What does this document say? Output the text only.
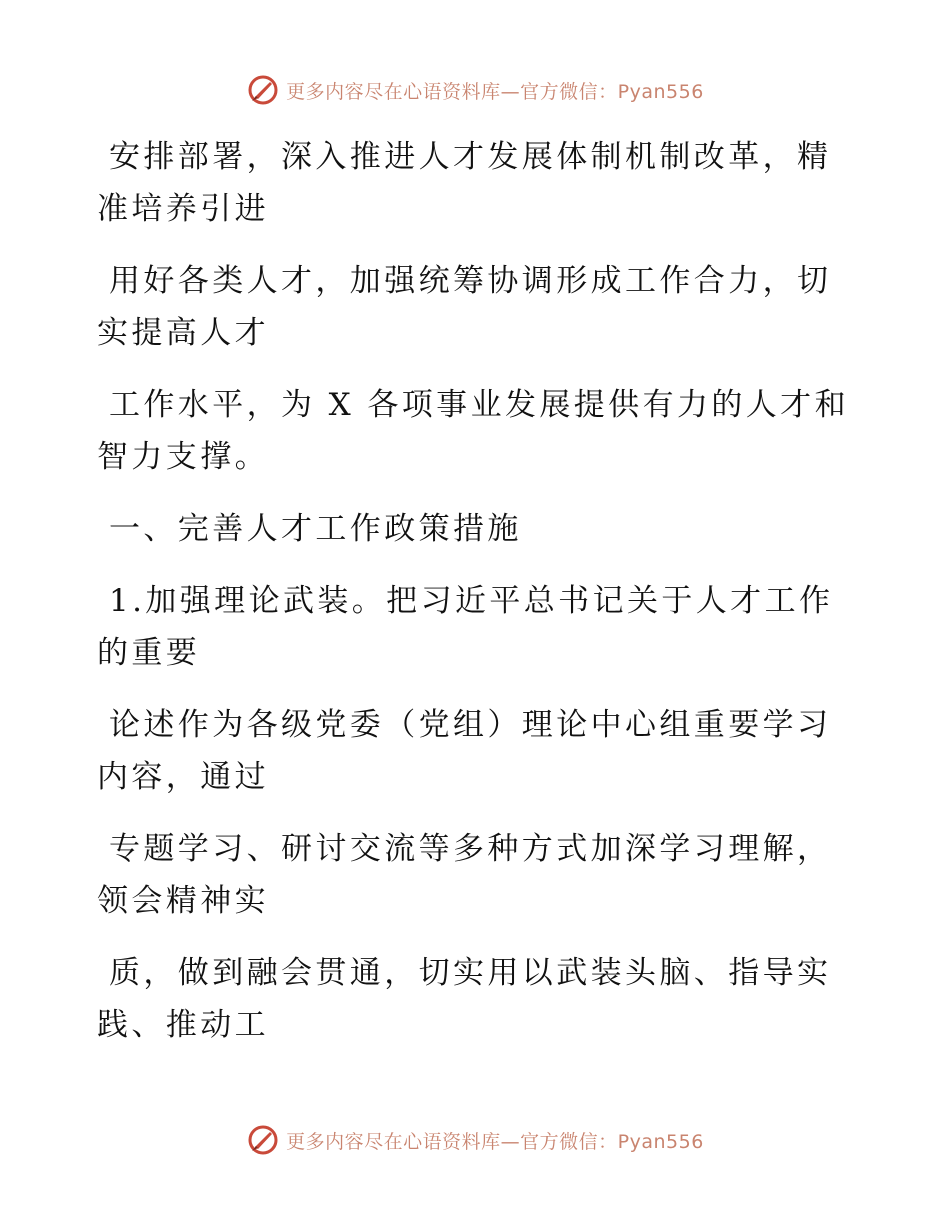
更多内容尽在心语资料库—官方微信：Pyan556
安排部署，深入推进人才发展体制机制改革，精
准培养引进
用好各类人才，加强统筹协调形成工作合力，切
实提高人才
工作水平，为 X 各项事业发展提供有力的人才和
智力支撑。
一、完善人才工作政策措施
1.加强理论武装。把习近平总书记关于人才工作
的重要
论述作为各级党委（党组）理论中心组重要学习
内容，通过
专题学习、研讨交流等多种方式加深学习理解，
领会精神实
质，做到融会贯通，切实用以武装头脑、指导实
践、推动工
更多内容尽在心语资料库—官方微信：Pyan556
